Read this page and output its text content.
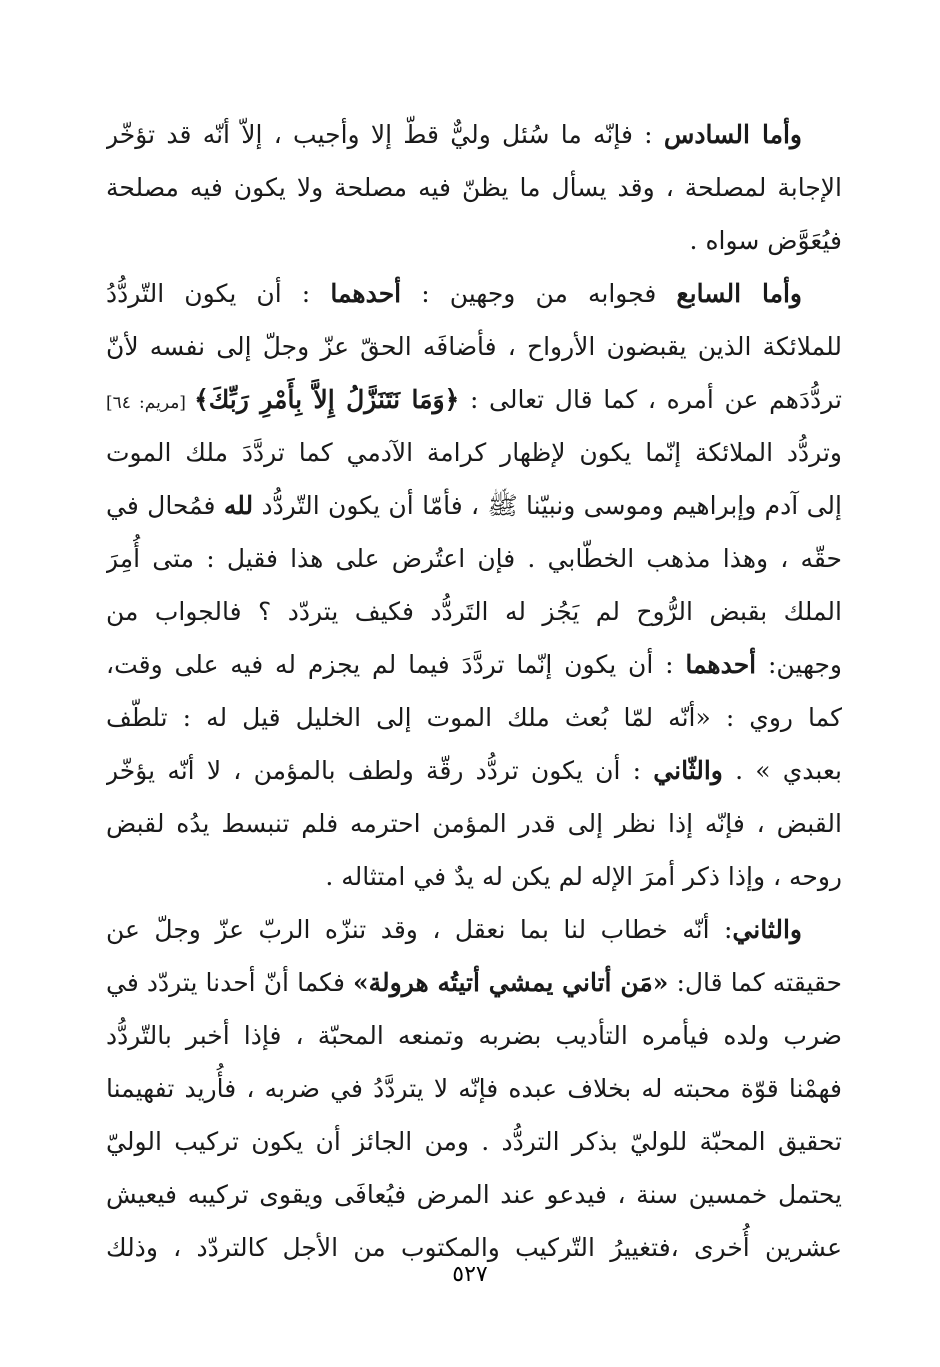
وأما السادس : فإنّه ما سُئل وليٌّ قطّ إلا وأجيب ، إلاّ أنّه قد تؤخّر
الإجابة لمصلحة ، وقد يسأل ما يظنّ فيه مصلحة ولا يكون فيه مصلحة
فيُعَوَّض سواه .
وأما السابع فجوابه من وجهين : أحدهما : أن يكون التّردُّدُ
للملائكة الذين يقبضون الأرواح ، فأضافَه الحقّ عزّ وجلّ إلى نفسه لأنّ
تردُّدَهم عن أمره ، كما قال تعالى : ﴿وَمَا نَتَنَزَّلُ إِلاَّ بِأَمْرِ رَبِّكَ﴾ [مريم: ٦٤]
وتردُّد الملائكة إنّما يكون لإظهار كرامة الآدمي كما تردَّدَ ملك الموت
إلى آدم وإبراهيم وموسى ونبيّنا ﷺ ، فأمّا أن يكون التّردُّد لله فمُحال في
حقّه ، وهذا مذهب الخطّابي . فإن اعتُرض على هذا فقيل : متى أُمِرَ
الملك بقبض الرُّوح لم يَجُز له التَردُّد فكيف يتردّد ؟ فالجواب من
وجهين: أحدهما : أن يكون إنّما تردَّدَ فيما لم يجزم له فيه على وقت،
كما روي : «أنّه لمّا بُعث ملك الموت إلى الخليل قيل له : تلطّف
بعبدي » . والثّاني : أن يكون تردُّد رقّة ولطف بالمؤمن ، لا أنّه يؤخّر
القبض ، فإنّه إذا نظر إلى قدر المؤمن احترمه فلم تنبسط يدُه لقبض
روحه ، وإذا ذكر أمرَ الإله لم يكن له يدٌ في امتثاله .
والثاني: أنّه خطاب لنا بما نعقل ، وقد تنزّه الربّ عزّ وجلّ عن
حقيقته كما قال: «مَن أتاني يمشي أتيتُه هرولة» فكما أنّ أحدنا يتردّد في
ضرب ولده فيأمره التأديب بضربه وتمنعه المحبّة ، فإذا أخبر بالتّردُّد
فهمْنا قوّة محبته له بخلاف عبده فإنّه لا يتردَّدُ في ضربه ، فأُريد تفهيمنا
تحقيق المحبّة للوليّ بذكر التردُّد . ومن الجائز أن يكون تركيب الوليّ
يحتمل خمسين سنة ، فيدعو عند المرض فيُعافَى ويقوى تركيبه فيعيش
عشرين أُخرى ،فتغييرُ التّركيب والمكتوب من الأجل كالتردّد ، وذلك
٥٢٧
